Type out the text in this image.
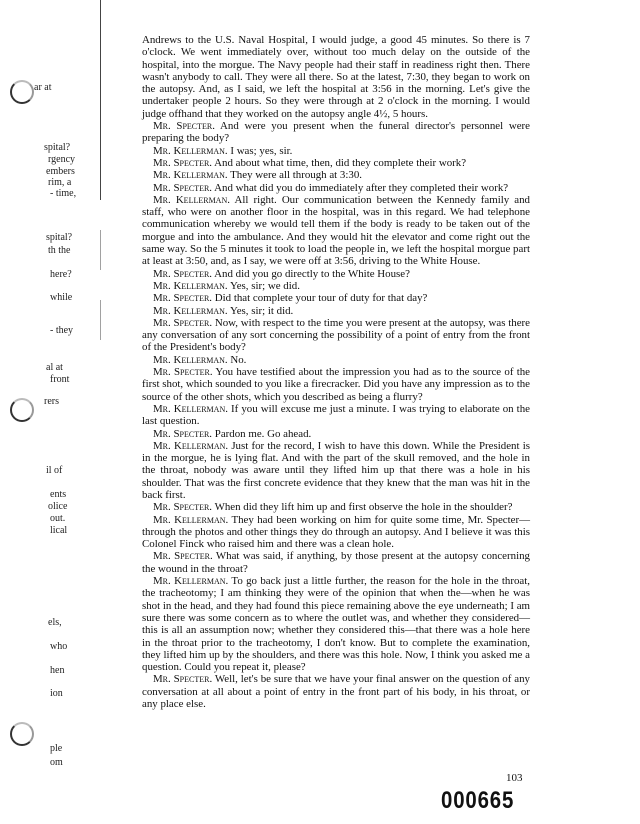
ar at
spital?
rgency
embers
rim, a
- time,
spital?
th the
here?
while
- they
al at
front
rers
il of
ents
olice
out.
lical
els,
who
hen
ion
ple
om

Andrews to the U.S. Naval Hospital, I would judge, a good 45 minutes. So there is 7 o'clock. We went immediately over, without too much delay on the outside of the hospital, into the morgue. The Navy people had their staff in readiness right then. There wasn't anybody to call. They were all there. So at the latest, 7:30, they began to work on the autopsy. And, as I said, we left the hospital at 3:56 in the morning. Let's give the undertaker people 2 hours. So they were through at 2 o'clock in the morning. I would judge offhand that they worked on the autopsy angle 4½, 5 hours.

Mr. Specter. And were you present when the funeral director's personnel were preparing the body?

Mr. Kellerman. I was; yes, sir.

Mr. Specter. And about what time, then, did they complete their work?

Mr. Kellerman. They were all through at 3:30.

Mr. Specter. And what did you do immediately after they completed their work?

Mr. Kellerman. All right. Our communication between the Kennedy family and staff, who were on another floor in the hospital, was in this regard. We had telephone communication whereby we would tell them if the body is ready to be taken out of the morgue and into the ambulance. And they would hit the elevator and come right out the same way. So the 5 minutes it took to load the people in, we left the hospital morgue part at least at 3:50, and, as I say, we were off at 3:56, driving to the White House.

Mr. Specter. And did you go directly to the White House?

Mr. Kellerman. Yes, sir; we did.

Mr. Specter. Did that complete your tour of duty for that day?

Mr. Kellerman. Yes, sir; it did.

Mr. Specter. Now, with respect to the time you were present at the autopsy, was there any conversation of any sort concerning the possibility of a point of entry from the front of the President's body?

Mr. Kellerman. No.

Mr. Specter. You have testified about the impression you had as to the source of the first shot, which sounded to you like a firecracker. Did you have any impression as to the source of the other shots, which you described as being a flurry?

Mr. Kellerman. If you will excuse me just a minute. I was trying to elaborate on the last question.

Mr. Specter. Pardon me. Go ahead.

Mr. Kellerman. Just for the record, I wish to have this down. While the President is in the morgue, he is lying flat. And with the part of the skull removed, and the hole in the throat, nobody was aware until they lifted him up that there was a hole in his shoulder. That was the first concrete evidence that they knew that the man was hit in the back first.

Mr. Specter. When did they lift him up and first observe the hole in the shoulder?

Mr. Kellerman. They had been working on him for quite some time, Mr. Specter—through the photos and other things they do through an autopsy. And I believe it was this Colonel Finck who raised him and there was a clean hole.

Mr. Specter. What was said, if anything, by those present at the autopsy concerning the wound in the throat?

Mr. Kellerman. To go back just a little further, the reason for the hole in the throat, the tracheotomy; I am thinking they were of the opinion that when the—when he was shot in the head, and they had found this piece remaining above the eye underneath; I am sure there was some concern as to where the outlet was, and whether they considered—this is all an assumption now; whether they considered this—that there was a hole here in the throat prior to the tracheotomy, I don't know. But to complete the examination, they lifted him up by the shoulders, and there was this hole. Now, I think you asked me a question. Could you repeat it, please?

Mr. Specter. Well, let's be sure that we have your final answer on the question of any conversation at all about a point of entry in the front part of his body, in his throat, or any place else.

103
000665
